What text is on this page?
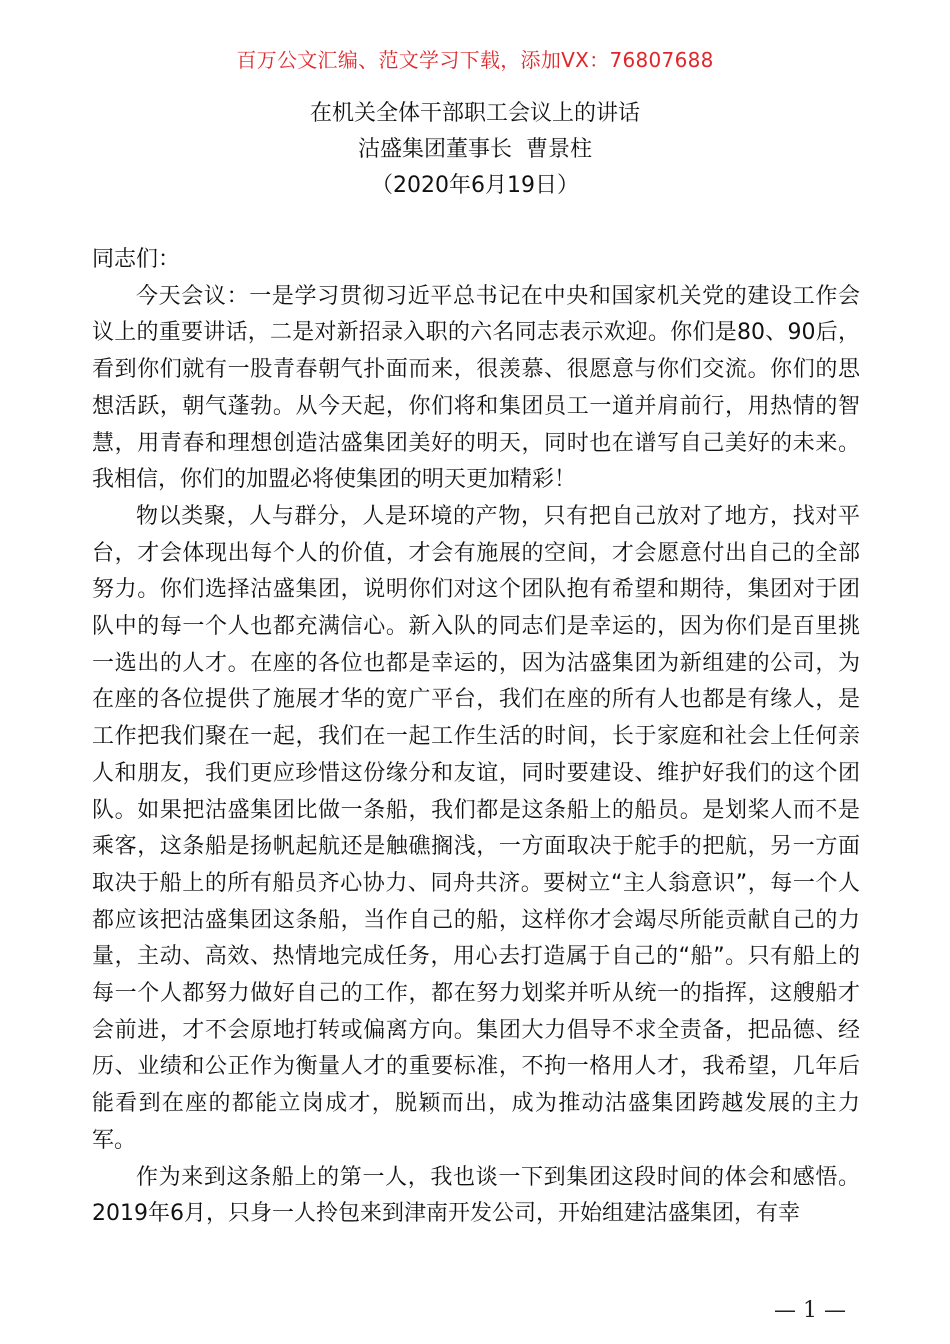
百万公文汇编、范文学习下载，添加VX：76807688
在机关全体干部职工会议上的讲话
沽盛集团董事长  曹景柱
（2020年6月19日）

同志们：

今天会议：一是学习贯彻习近平总书记在中央和国家机关党的建设工作会议上的重要讲话，二是对新招录入职的六名同志表示欢迎。你们是80、90后，看到你们就有一股青春朝气扑面而来，很羡慕、很愿意与你们交流。你们的思想活跃，朝气蓬勃。从今天起，你们将和集团员工一道并肩前行，用热情的智慧，用青春和理想创造沽盛集团美好的明天，同时也在谱写自己美好的未来。我相信，你们的加盟必将使集团的明天更加精彩！

物以类聚，人与群分，人是环境的产物，只有把自己放对了地方，找对平台，才会体现出每个人的价值，才会有施展的空间，才会愿意付出自己的全部努力。你们选择沽盛集团，说明你们对这个团队抱有希望和期待，集团对于团队中的每一个人也都充满信心。新入队的同志们是幸运的，因为你们是百里挑一选出的人才。在座的各位也都是幸运的，因为沽盛集团为新组建的公司，为在座的各位提供了施展才华的宽广平台，我们在座的所有人也都是有缘人，是工作把我们聚在一起，我们在一起工作生活的时间，长于家庭和社会上任何亲人和朋友，我们更应珍惜这份缘分和友谊，同时要建设、维护好我们的这个团队。如果把沽盛集团比做一条船，我们都是这条船上的船员。是划桨人而不是乘客，这条船是扬帆起航还是触礁搁浅，一方面取决于舵手的把航，另一方面取决于船上的所有船员齐心协力、同舟共济。要树立“主人翁意识”，每一个人都应该把沽盛集团这条船，当作自己的船，这样你才会竭尽所能贡献自己的力量，主动、高效、热情地完成任务，用心去打造属于自己的“船”。只有船上的每一个人都努力做好自己的工作，都在努力划桨并听从统一的指挥，这艘船才会前进，才不会原地打转或偏离方向。集团大力倡导不求全责备，把品德、经历、业绩和公正作为衡量人才的重要标准，不拘一格用人才，我希望，几年后能看到在座的都能立岗成才，脱颖而出，成为推动沽盛集团跨越发展的主力军。

作为来到这条船上的第一人，我也谈一下到集团这段时间的体会和感悟。2019年6月，只身一人拎包来到津南开发公司，开始组建沽盛集团，有幸

— 1 —
